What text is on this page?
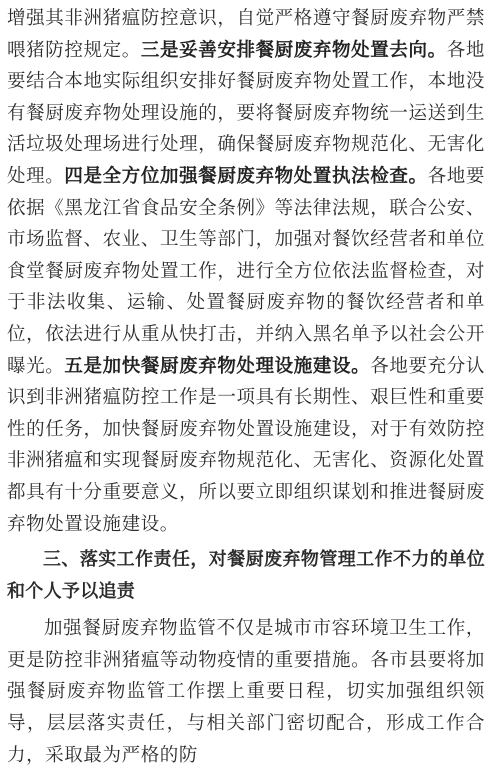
增强其非洲猪瘟防控意识，自觉严格遵守餐厨废弃物严禁喂猪防控规定。三是妥善安排餐厨废弃物处置去向。各地要结合本地实际组织安排好餐厨废弃物处置工作，本地没有餐厨废弃物处理设施的，要将餐厨废弃物统一运送到生活垃圾处理场进行处理，确保餐厨废弃物规范化、无害化处理。四是全方位加强餐厨废弃物处置执法检查。各地要依据《黑龙江省食品安全条例》等法律法规，联合公安、市场监督、农业、卫生等部门，加强对餐饮经营者和单位食堂餐厨废弃物处置工作，进行全方位依法监督检查，对于非法收集、运输、处置餐厨废弃物的餐饮经营者和单位，依法进行从重从快打击，并纳入黑名单予以社会公开曝光。五是加快餐厨废弃物处理设施建设。各地要充分认识到非洲猪瘟防控工作是一项具有长期性、艰巨性和重要性的任务，加快餐厨废弃物处置设施建设，对于有效防控非洲猪瘟和实现餐厨废弃物规范化、无害化、资源化处置都具有十分重要意义，所以要立即组织谋划和推进餐厨废弃物处置设施建设。

三、落实工作责任，对餐厨废弃物管理工作不力的单位和个人予以追责

加强餐厨废弃物监管不仅是城市市容环境卫生工作，更是防控非洲猪瘟等动物疫情的重要措施。各市县要将加强餐厨废弃物监管工作摆上重要日程，切实加强组织领导，层层落实责任，与相关部门密切配合，形成工作合力，采取最为严格的防
